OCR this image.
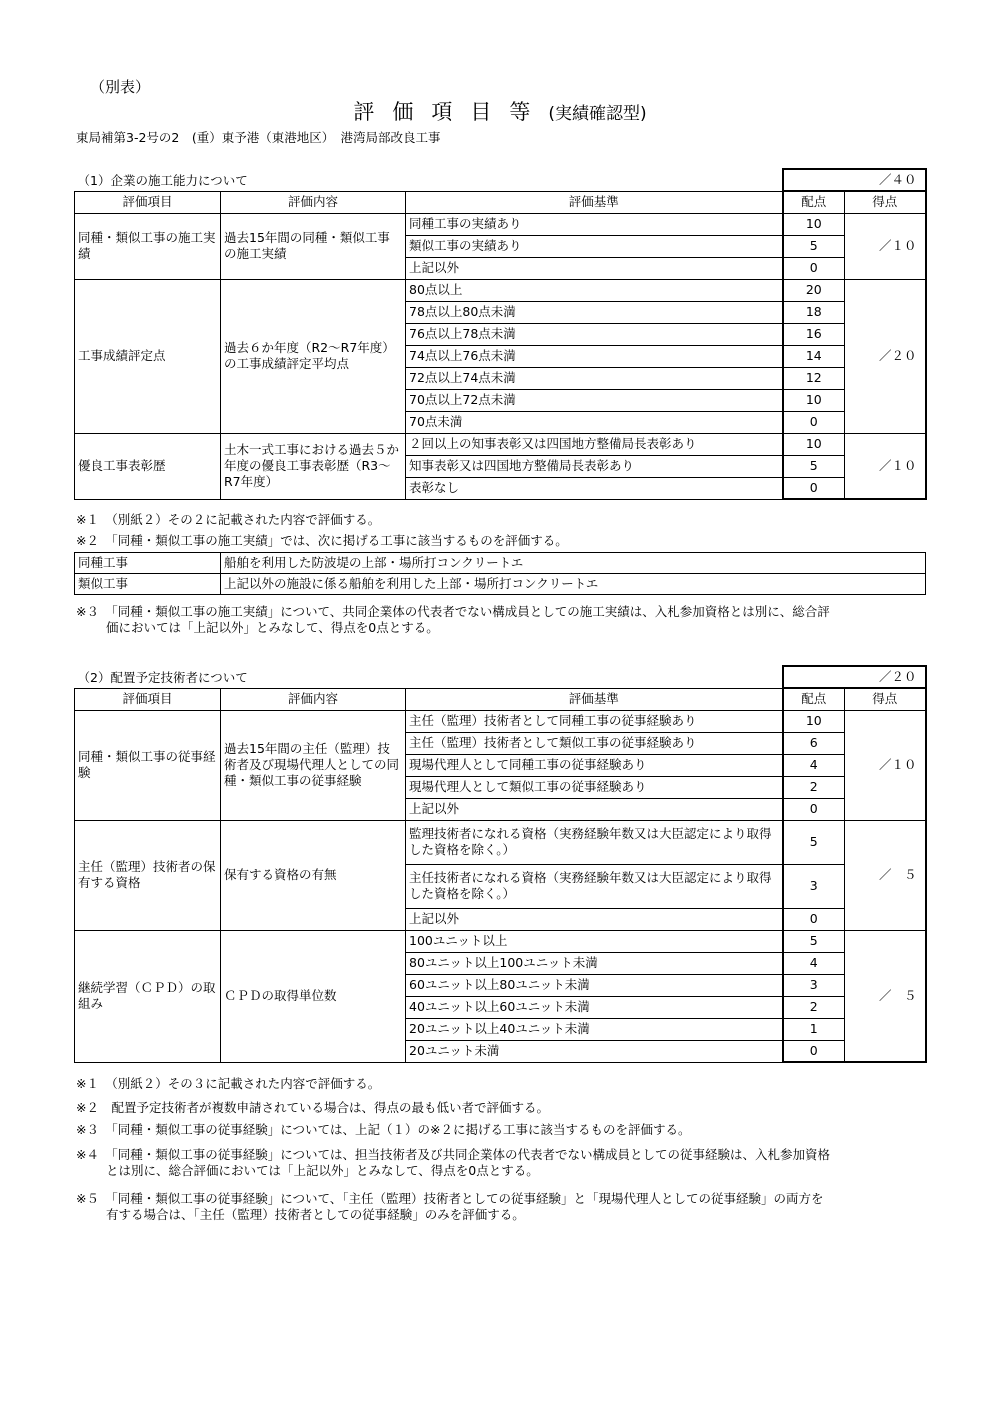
（別表）
評価項目等(実績確認型)
東局補第3-2号の2　(重）東予港（東港地区）　港湾局部改良工事
（1）企業の施工能力について			／４０	
評価項目	評価内容	評価基準	配点	得点
同種・類似工事の施工実績	過去15年間の同種・類似工事の施工実績	同種工事の実績あり	10	／１０
		類似工事の実績あり	5	
		上記以外	0	
工事成績評定点	過去６か年度（R2～R7年度）の工事成績評定平均点	80点以上	20	／２０
		78点以上80点未満	18	
		76点以上78点未満	16	
		74点以上76点未満	14	
		72点以上74点未満	12	
		70点以上72点未満	10	
		70点未満	0	
優良工事表彰歴	土木一式工事における過去５か年度の優良工事表彰歴（R3～R7年度）	２回以上の知事表彰又は四国地方整備局長表彰あり	10	／１０
		知事表彰又は四国地方整備局長表彰あり	5	
		表彰なし	0	
※１　（別紙２）その２に記載された内容で評価する。
※２　「同種・類似工事の施工実績」では、次に掲げる工事に該当するものを評価する。
同種工事	船舶を利用した防波堤の上部・場所打コンクリートエ
類似工事	上記以外の施設に係る船舶を利用した上部・場所打コンクリートエ
※３　「同種・類似工事の施工実績」について、共同企業体の代表者でない構成員としての施工実績は、入札参加資格とは別に、総合評
価においては「上記以外」とみなして、得点を0点とする。
（2）配置予定技術者について			／２０	
評価項目	評価内容	評価基準	配点	得点
同種・類似工事の従事経験	過去15年間の主任（監理）技術者及び現場代理人としての同種・類似工事の従事経験	主任（監理）技術者として同種工事の従事経験あり	10	／１０
		主任（監理）技術者として類似工事の従事経験あり	6	
		現場代理人として同種工事の従事経験あり	4	
		現場代理人として類似工事の従事経験あり	2	
		上記以外	0	
主任（監理）技術者の保有する資格	保有する資格の有無	監理技術者になれる資格（実務経験年数又は大臣認定により取得した資格を除く。）	5	／　５
		主任技術者になれる資格（実務経験年数又は大臣認定により取得した資格を除く。）	3	
		上記以外	0	
継続学習（ＣＰＤ）の取組み	ＣＰＤの取得単位数	100ユニット以上	5	／　５
		80ユニット以上100ユニット未満	4	
		60ユニット以上80ユニット未満	3	
		40ユニット以上60ユニット未満	2	
		20ユニット以上40ユニット未満	1	
		20ユニット未満	0	
※１　（別紙２）その３に記載された内容で評価する。
※２　配置予定技術者が複数申請されている場合は、得点の最も低い者で評価する。
※３　「同種・類似工事の従事経験」については、上記（１）の※２に掲げる工事に該当するものを評価する。
※４　「同種・類似工事の従事経験」については、担当技術者及び共同企業体の代表者でない構成員としての従事経験は、入札参加資格
とは別に、総合評価においては「上記以外」とみなして、得点を0点とする。
※５　「同種・類似工事の従事経験」について、「主任（監理）技術者としての従事経験」と「現場代理人としての従事経験」の両方を
有する場合は、「主任（監理）技術者としての従事経験」のみを評価する。
